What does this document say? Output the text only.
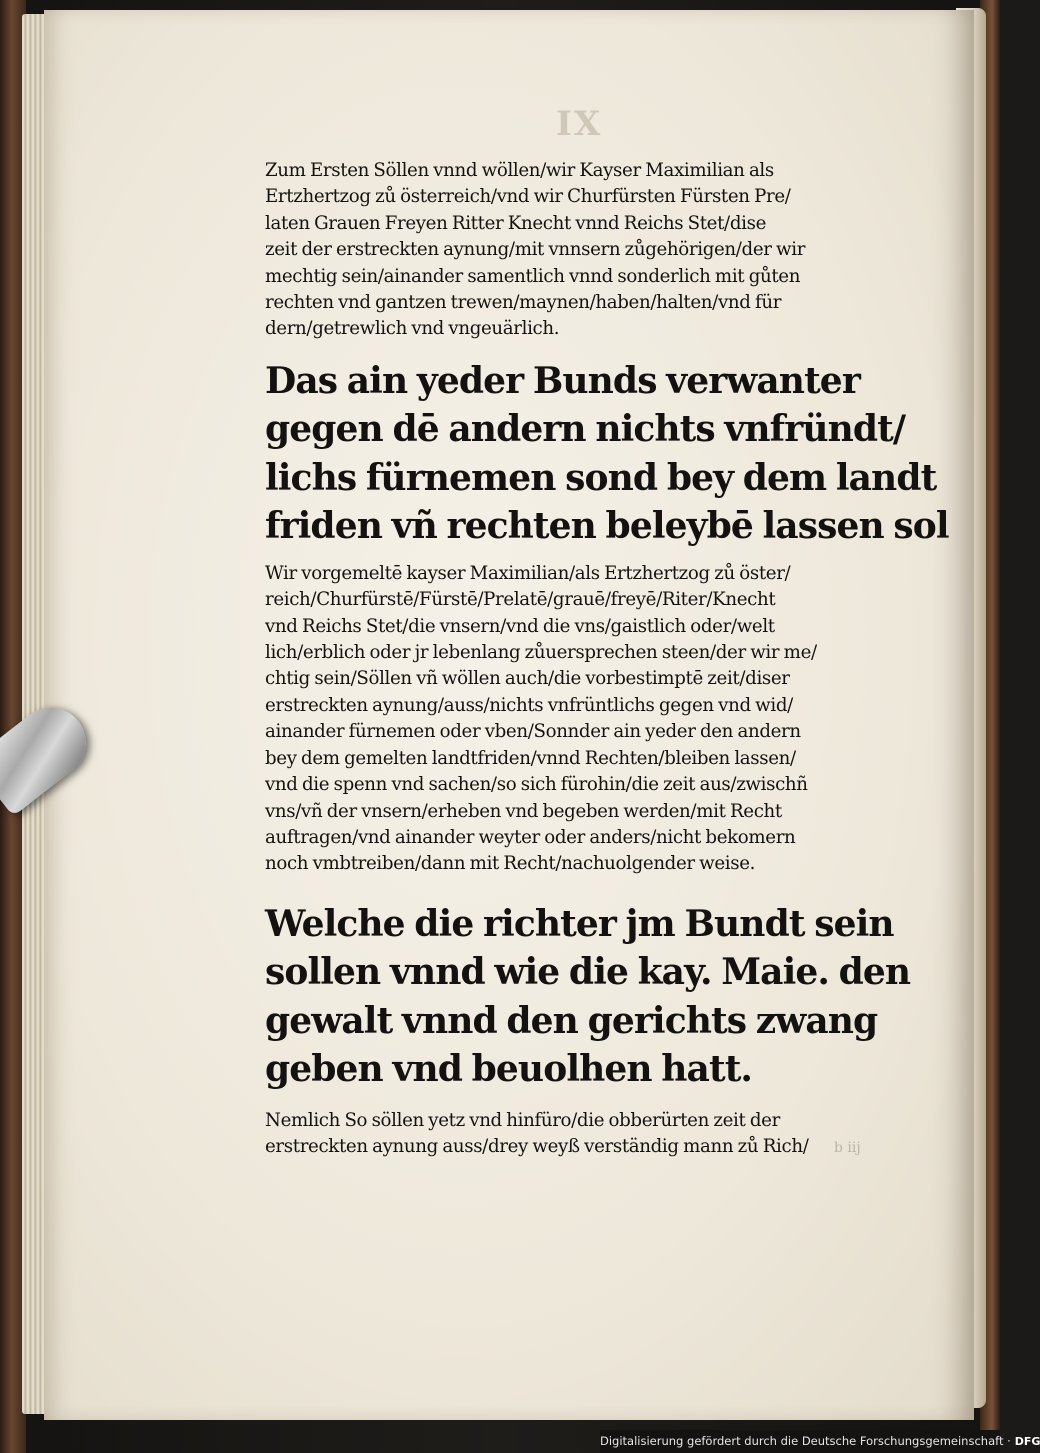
IX

Zum Ersten Söllen vnnd wöllen/wir Kayser Maximilian als
Ertzhertzog zů österreich/vnd wir Churfürsten Fürsten Pre/
laten Grauen Freyen Ritter Knecht vnnd Reichs Stet/dise
zeit der erstreckten aynung/mit vnnsern zůgehörigen/der wir
mechtig sein/ainander samentlich vnnd sonderlich mit gůten
rechten vnd gantzen trewen/maynen/haben/halten/vnd für
dern/getrewlich vnd vngeuärlich.

Das ain yeder Bunds verwanter
gegen dē andern nichts vnfründt/
lichs fürnemen sond bey dem landt
friden vñ rechten beleybē lassen sol

Wir vorgemeltē kayser Maximilian/als Ertzhertzog zů öster/
reich/Churfürstē/Fürstē/Prelatē/grauē/freyē/Riter/Knecht
vnd Reichs Stet/die vnsern/vnd die vns/gaistlich oder/welt
lich/erblich oder jr lebenlang zůuersprechen steen/der wir me/
chtig sein/Söllen vñ wöllen auch/die vorbestimptē zeit/diser
erstreckten aynung/auss/nichts vnfrüntlichs gegen vnd wid/
ainander fürnemen oder vben/Sonnder ain yeder den andern
bey dem gemelten landtfriden/vnnd Rechten/bleiben lassen/
vnd die spenn vnd sachen/so sich fürohin/die zeit aus/zwischñ
vns/vñ der vnsern/erheben vnd begeben werden/mit Recht
auftragen/vnd ainander weyter oder anders/nicht bekomern
noch vmbtreiben/dann mit Recht/nachuolgender weise.

Welche die richter jm Bundt sein
sollen vnnd wie die kay. Maie. den
gewalt vnnd den gerichts zwang
geben vnd beuolhen hatt.

Nemlich So söllen yetz vnd hinfüro/die obberürten zeit der
erstreckten aynung auss/drey weyß verständig mann zů Rich/	b iij
Digitalisierung gefördert durch die Deutsche Forschungsgemeinschaft · DFG
